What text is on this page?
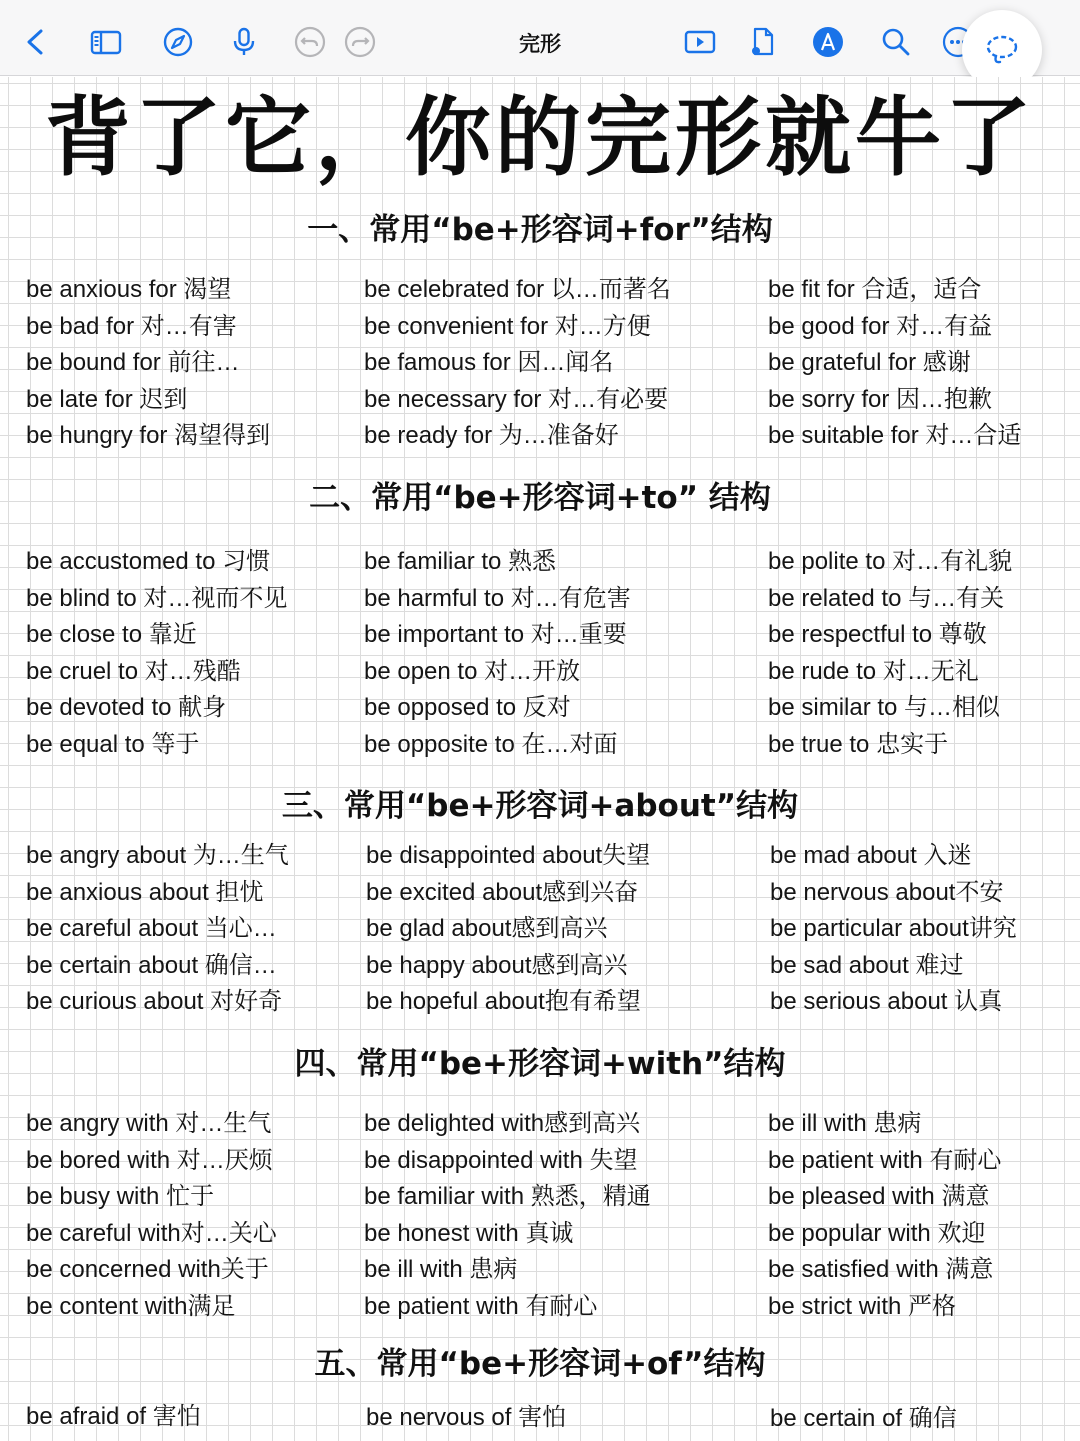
完形
背了它，你的完形就牛了
一、常用“be+形容词+for”结构
be anxious for 渴望
be bad for 对…有害
be bound for 前往…
be late for 迟到
be hungry for 渴望得到
be celebrated for 以…而著名
be convenient for 对…方便
be famous for 因…闻名
be necessary for 对…有必要
be ready for 为…准备好
be fit for 合适，适合
be good for 对…有益
be grateful for 感谢
be sorry for 因…抱歉
be suitable for 对…合适
二、常用“be+形容词+to” 结构
be accustomed to 习惯
be blind to 对…视而不见
be close to 靠近
be cruel to 对…残酷
be devoted to 献身
be equal to 等于
be familiar to 熟悉
be harmful to 对…有危害
be important to 对…重要
be open to 对…开放
be opposed to 反对
be opposite to 在…对面
be polite to 对…有礼貌
be related to 与…有关
be respectful to 尊敬
be rude to 对…无礼
be similar to 与…相似
be true to 忠实于
三、常用“be+形容词+about”结构
be angry about 为…生气
be anxious about 担忧
be careful about 当心…
be certain about 确信…
be curious about 对好奇
be disappointed about失望
be excited about感到兴奋
be glad about感到高兴
be happy about感到高兴
be hopeful about抱有希望
be mad about 入迷
be nervous about不安
be particular about讲究
be sad about 难过
be serious about 认真
四、常用“be+形容词+with”结构
be angry with 对…生气
be bored with 对…厌烦
be busy with 忙于
be careful with对…关心
be concerned with关于
be content with满足
be delighted with感到高兴
be disappointed with 失望
be familiar with 熟悉，精通
be honest with 真诚
be ill with 患病
be patient with 有耐心
be ill with 患病
be patient with 有耐心
be pleased with 满意
be popular with 欢迎
be satisfied with 满意
be strict with 严格
五、常用“be+形容词+of”结构
be afraid of 害怕	be nervous of 害怕	be certain of 确信
